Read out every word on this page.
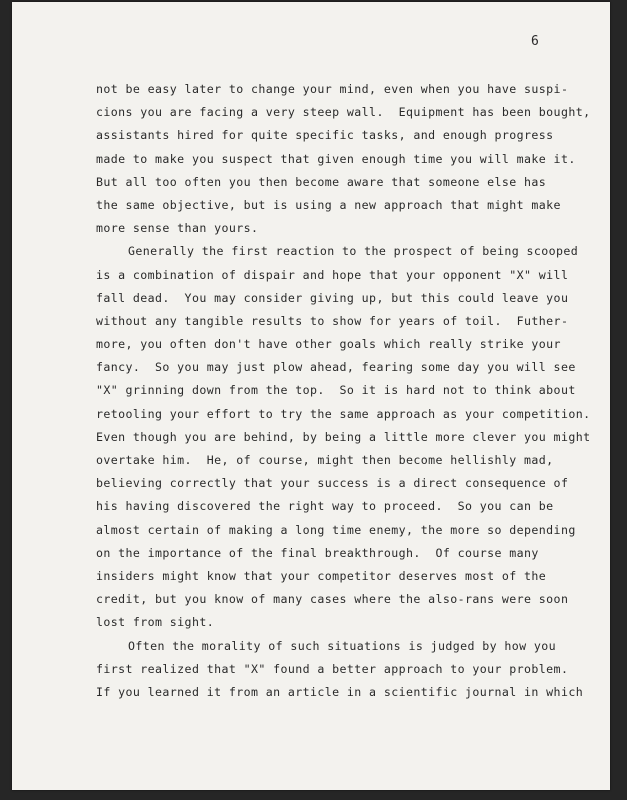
6
not be easy later to change your mind, even when you have suspi-
cions you are facing a very steep wall.  Equipment has been bought,
assistants hired for quite specific tasks, and enough progress
made to make you suspect that given enough time you will make it.
But all too often you then become aware that someone else has
the same objective, but is using a new approach that might make
more sense than yours.
Generally the first reaction to the prospect of being scooped
is a combination of dispair and hope that your opponent "X" will
fall dead.  You may consider giving up, but this could leave you
without any tangible results to show for years of toil.  Futher-
more, you often don't have other goals which really strike your
fancy.  So you may just plow ahead, fearing some day you will see
"X" grinning down from the top.  So it is hard not to think about
retooling your effort to try the same approach as your competition.
Even though you are behind, by being a little more clever you might
overtake him.  He, of course, might then become hellishly mad,
believing correctly that your success is a direct consequence of
his having discovered the right way to proceed.  So you can be
almost certain of making a long time enemy, the more so depending
on the importance of the final breakthrough.  Of course many
insiders might know that your competitor deserves most of the
credit, but you know of many cases where the also-rans were soon
lost from sight.
Often the morality of such situations is judged by how you
first realized that "X" found a better approach to your problem.
If you learned it from an article in a scientific journal in which
